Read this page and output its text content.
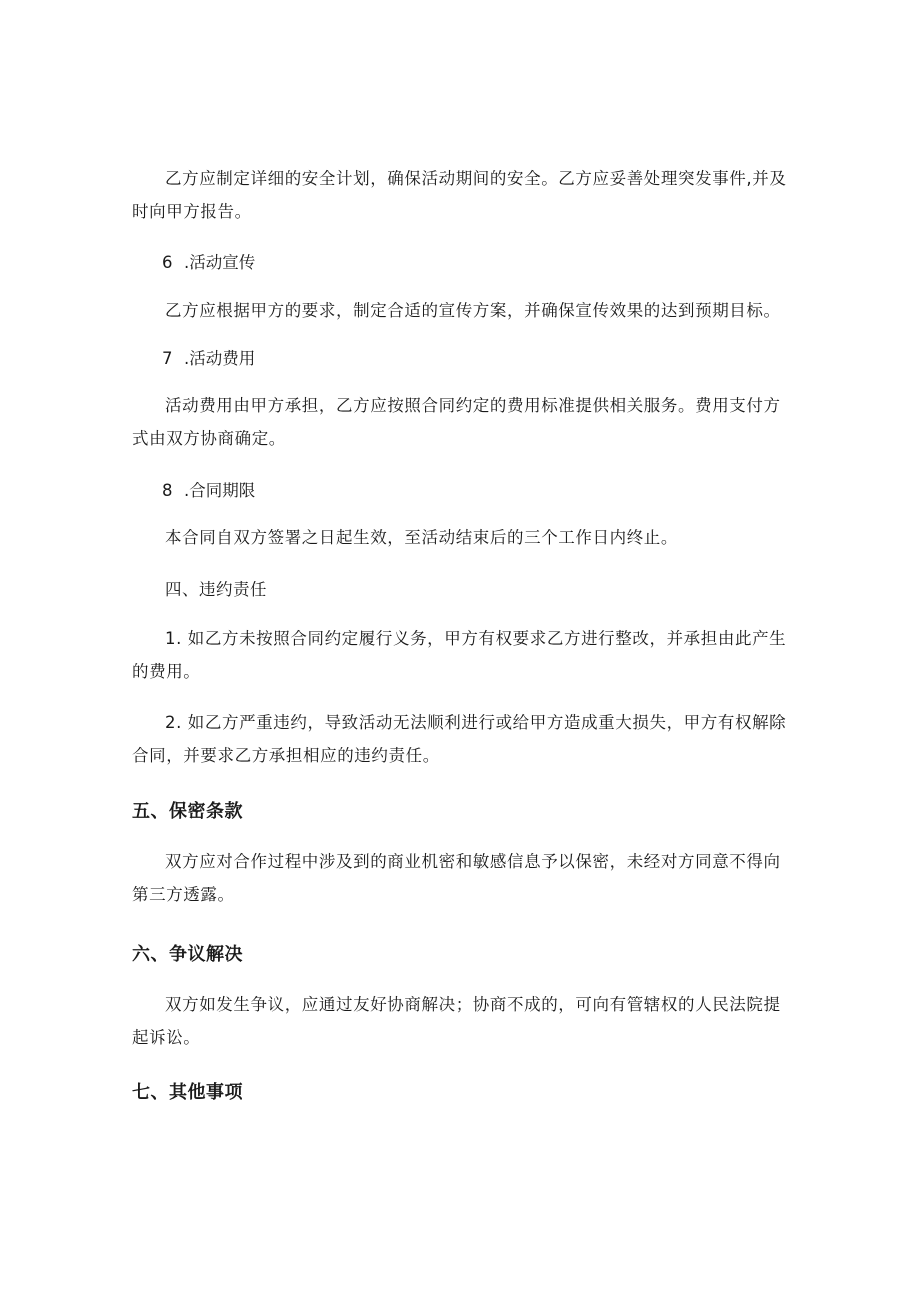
乙方应制定详细的安全计划，确保活动期间的安全。乙方应妥善处理突发事件,并及时向甲方报告。

6 .活动宣传

乙方应根据甲方的要求，制定合适的宣传方案，并确保宣传效果的达到预期目标。

7 .活动费用

活动费用由甲方承担，乙方应按照合同约定的费用标准提供相关服务。费用支付方式由双方协商确定。

8 .合同期限

本合同自双方签署之日起生效，至活动结束后的三个工作日内终止。

四、违约责任

1. 如乙方未按照合同约定履行义务，甲方有权要求乙方进行整改，并承担由此产生的费用。

2. 如乙方严重违约，导致活动无法顺利进行或给甲方造成重大损失，甲方有权解除合同，并要求乙方承担相应的违约责任。

五、保密条款

双方应对合作过程中涉及到的商业机密和敏感信息予以保密，未经对方同意不得向第三方透露。

六、争议解决

双方如发生争议，应通过友好协商解决；协商不成的，可向有管辖权的人民法院提起诉讼。

七、其他事项
